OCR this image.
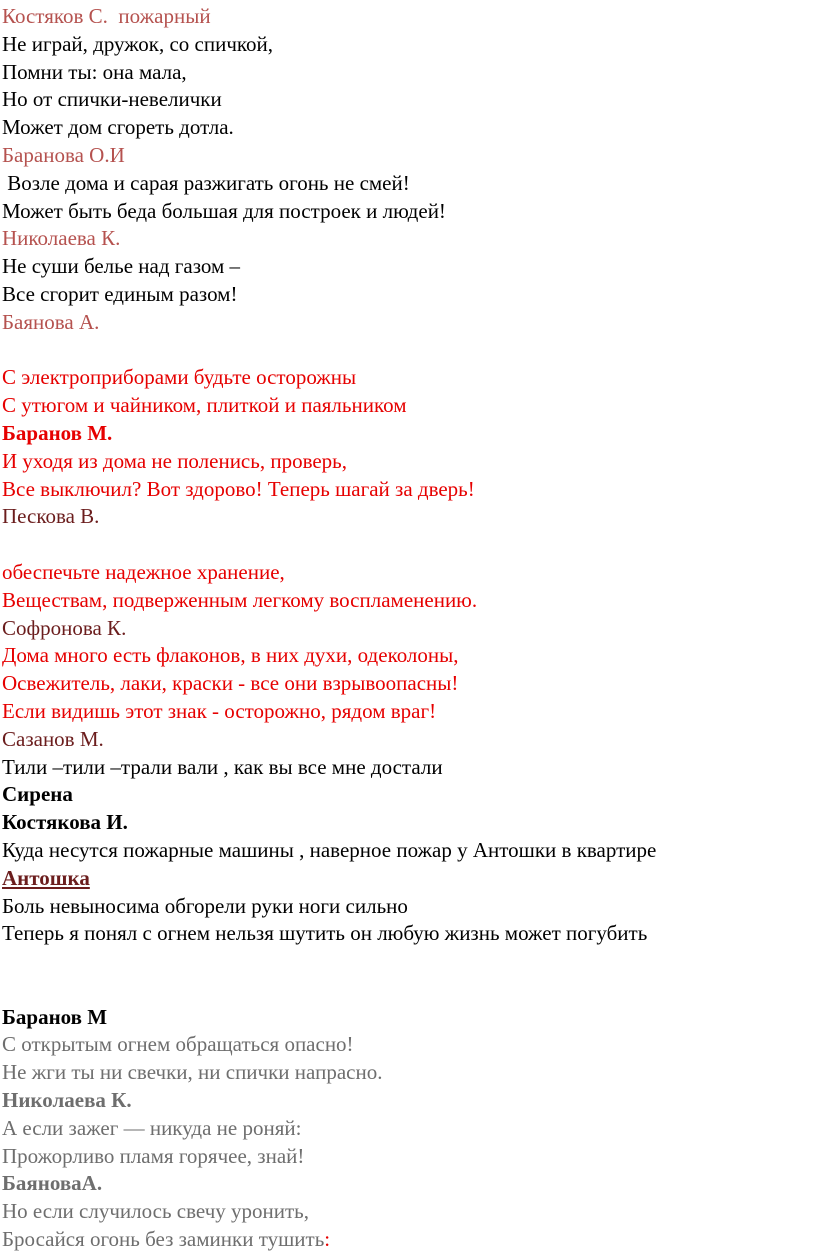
Костяков С.  пожарный
Не играй, дружок, со спичкой,
Помни ты: она мала,
Но от спички-невелички
Может дом сгореть дотла.
Баранова О.И
Возле дома и сарая разжигать огонь не смей!
Может быть беда большая для построек и людей!
Николаева К.
Не суши белье над газом –
Все сгорит единым разом!
Баянова А.
С электроприборами будьте осторожны
С утюгом и чайником, плиткой и паяльником
Баранов М.
И уходя из дома не поленись, проверь,
Все выключил? Вот здорово! Теперь шагай за дверь!
Пескова В.
обеспечьте надежное хранение,
Веществам, подверженным легкому воспламенению.
Софронова К.
Дома много есть флаконов, в них духи, одеколоны,
Освежитель, лаки, краски - все они взрывоопасны!
Если видишь этот знак - осторожно, рядом враг!
Сазанов М.
Тили –тили –трали вали , как вы все мне достали
Сирена
Костякова И.
Куда несутся пожарные машины , наверное пожар у Антошки в квартире
Антошка
Боль невыносима обгорели руки ноги сильно
Теперь я понял с огнем нельзя шутить он любую жизнь может погубить
Баранов М
С открытым огнем обращаться опасно!
Не жги ты ни свечки, ни спички напрасно.
Николаева К.
А если зажег — никуда не роняй:
Прожорливо пламя горячее, знай!
БаяноваА.
Но если случилось свечу уронить,
Бросайся огонь без заминки тушить:
